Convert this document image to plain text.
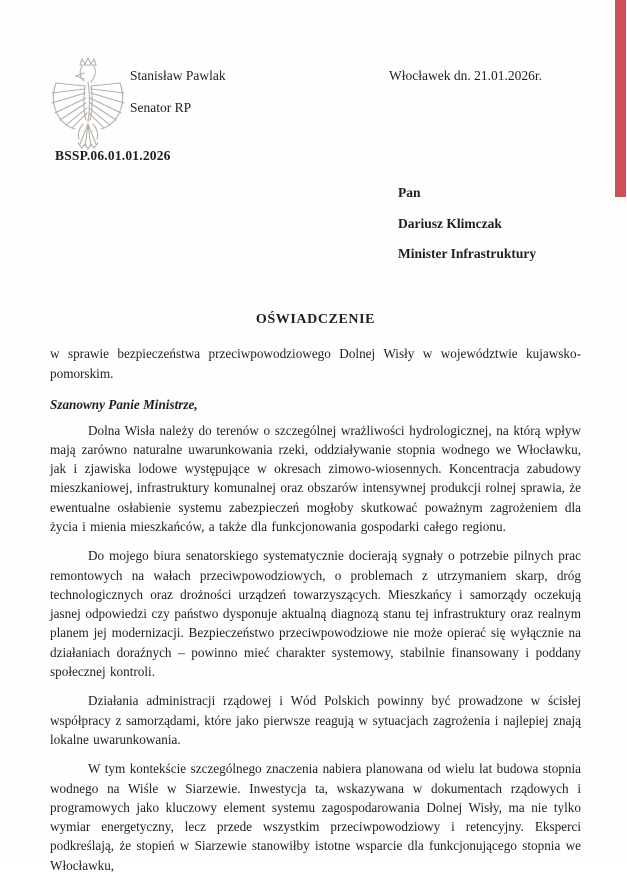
Stanisław Pawlak
Senator RP
Włocławek dn. 21.01.2026r.
BSSP.06.01.01.2026
Pan
Dariusz Klimczak
Minister Infrastruktury
OŚWIADCZENIE

w sprawie bezpieczeństwa przeciwpowodziowego Dolnej Wisły w województwie kujawsko-pomorskim.

Szanowny Panie Ministrze,

Dolna Wisła należy do terenów o szczególnej wrażliwości hydrologicznej, na którą wpływ mają zarówno naturalne uwarunkowania rzeki, oddziaływanie stopnia wodnego we Włocławku, jak i zjawiska lodowe występujące w okresach zimowo-wiosennych. Koncentracja zabudowy mieszkaniowej, infrastruktury komunalnej oraz obszarów intensywnej produkcji rolnej sprawia, że ewentualne osłabienie systemu zabezpieczeń mogłoby skutkować poważnym zagrożeniem dla życia i mienia mieszkańców, a także dla funkcjonowania gospodarki całego regionu.

Do mojego biura senatorskiego systematycznie docierają sygnały o potrzebie pilnych prac remontowych na wałach przeciwpowodziowych, o problemach z utrzymaniem skarp, dróg technologicznych oraz drożności urządzeń towarzyszących. Mieszkańcy i samorządy oczekują jasnej odpowiedzi czy państwo dysponuje aktualną diagnozą stanu tej infrastruktury oraz realnym planem jej modernizacji. Bezpieczeństwo przeciwpowodziowe nie może opierać się wyłącznie na działaniach doraźnych – powinno mieć charakter systemowy, stabilnie finansowany i poddany społecznej kontroli.

Działania administracji rządowej i Wód Polskich powinny być prowadzone w ścisłej współpracy z samorządami, które jako pierwsze reagują w sytuacjach zagrożenia i najlepiej znają lokalne uwarunkowania.

W tym kontekście szczególnego znaczenia nabiera planowana od wielu lat budowa stopnia wodnego na Wiśle w Siarzewie. Inwestycja ta, wskazywana w dokumentach rządowych i programowych jako kluczowy element systemu zagospodarowania Dolnej Wisły, ma nie tylko wymiar energetyczny, lecz przede wszystkim przeciwpowodziowy i retencyjny. Eksperci podkreślają, że stopień w Siarzewie stanowiłby istotne wsparcie dla funkcjonującego stopnia we Włocławku,
